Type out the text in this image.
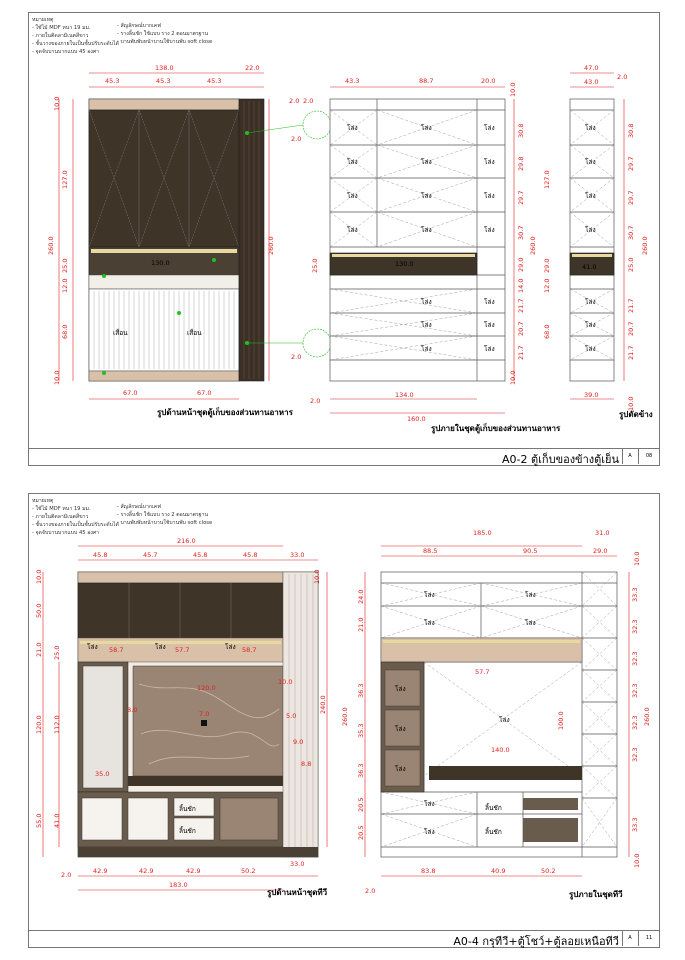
หมายเหตุ
- ใช้ไม้ MDF หนา 19 มม.
- ภายในติดลามิเนตสีขาว
- ชั้นวางของภายในเป็นชั้นปรับระดับได้
- จุดจับบานบากแบบ 45 องศา
- สัญลักษณ์บากเคฟ
- รางลิ้นชัก ใช้แบบ ราง 2 ตอนมาตรฐาน
- บานพับพับหน้าบานใช้บานพับ soft close
เสื่อน	เสื่อน
130.0
45.3	45.3	45.3
22.0
138.0
10.0
127.0
25.0
12.0
68.0
10.0
260.0	260.0
67.0	67.0
2.0 2.0
2.0
2.0
รูปด้านหน้าชุดตู้เก็บของส่วนทานอาหาร
130.0
โล่ง	โล่ง	โล่ง
โล่ง	โล่ง	โล่ง
โล่ง	โล่ง	โล่ง
โล่ง	โล่ง	โล่ง
โล่ง	โล่ง
โล่ง	โล่ง
โล่ง	โล่ง
43.3	88.7	20.0
10.0
30.8
29.8
29.7
30.7
29.0
14.0
21.7
20.7
21.7
10.0
25.0
134.0
160.0
2.0
รูปภายในชุดตู้เก็บของส่วนทานอาหาร
41.0
โล่ง
โล่ง
โล่ง
โล่ง
โล่ง
โล่ง
โล่ง
47.0
43.0
2.0
127.0
29.0
12.0
68.0
260.0
30.8
29.7
29.7
30.7
25.0
21.7
20.7
21.7
260.0
39.0
10.0
รูปตัดข้าง
A0-2 ตู้เก็บของข้างตู้เย็น	A	08
หมายเหตุ
- ใช้ไม้ MDF หนา 19 มม.
- ภายในติดลามิเนตสีขาว
- ชั้นวางของภายในเป็นชั้นปรับระดับได้
- จุดจับบานบากแบบ 45 องศา
- สัญลักษณ์บากเคฟ
- รางลิ้นชัก ใช้แบบ ราง 2 ตอนมาตรฐาน
- บานพับพับหน้าบานใช้บานพับ soft close
ลิ้นชัก
ลิ้นชัก
โล่ง	โล่ง	โล่ง
58.7	57.7	58.7
120.0
10.0
5.0
9.0
8.8
35.0
7.0
8.0
45.8	45.7	45.8	45.8	33.0
216.0
10.0
50.0
21.0
120.0
55.0
25.0
112.0
41.0
240.0
10.0
42.9	42.9	42.9	50.2
33.0
183.0
2.0
รูปด้านหน้าชุดทีวี
โล่ง	โล่ง
โล่ง	โล่ง
โล่ง
โล่ง
โล่ง
โล่ง
โล่ง
โล่ง
ลิ้นชัก
ลิ้นชัก
57.7
100.0
140.0
185.0	31.0
88.5	90.5	29.0
10.0
24.0
21.0
36.3
35.3
36.3
20.5
20.5
260.0
33.3
32.3
32.3
32.3
32.3
32.3
33.3
260.0
10.0
83.8	40.9	50.2
2.0	รูปภายในชุดทีวี
A0-4 กรุทีวี+ตู้โชว์+ตู้ลอยเหนือทีวี	A	11
